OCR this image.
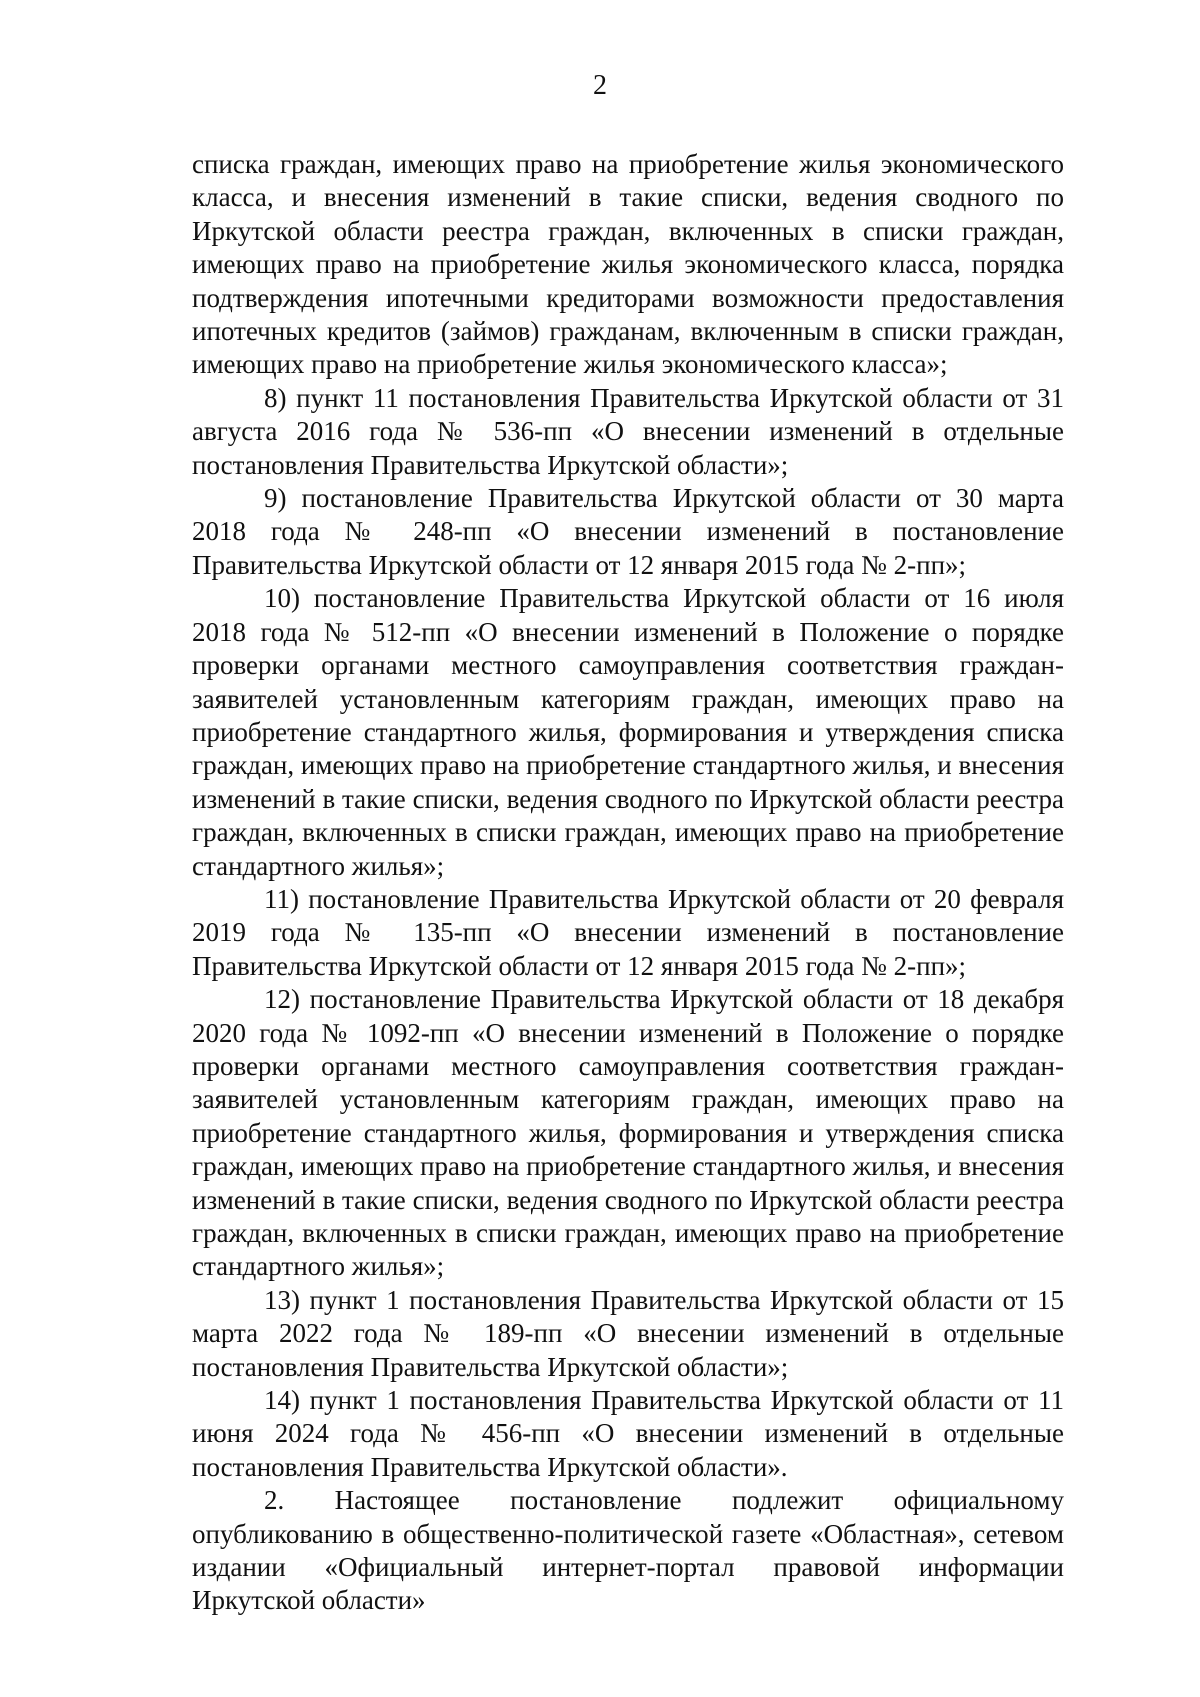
2

списка граждан, имеющих право на приобретение жилья экономического класса, и внесения изменений в такие списки, ведения сводного по Иркутской области реестра граждан, включенных в списки граждан, имеющих право на приобретение жилья экономического класса, порядка подтверждения ипотечными кредиторами возможности предоставления ипотечных кредитов (займов) гражданам, включенным в списки граждан, имеющих право на приобретение жилья экономического класса»;

8) пункт 11 постановления Правительства Иркутской области от 31 августа 2016 года № 536-пп «О внесении изменений в отдельные постановления Правительства Иркутской области»;

9) постановление Правительства Иркутской области от 30 марта 2018 года № 248-пп «О внесении изменений в постановление Правительства Иркутской области от 12 января 2015 года № 2-пп»;

10) постановление Правительства Иркутской области от 16 июля 2018 года № 512-пп «О внесении изменений в Положение о порядке проверки органами местного самоуправления соответствия граждан-заявителей установленным категориям граждан, имеющих право на приобретение стандартного жилья, формирования и утверждения списка граждан, имеющих право на приобретение стандартного жилья, и внесения изменений в такие списки, ведения сводного по Иркутской области реестра граждан, включенных в списки граждан, имеющих право на приобретение стандартного жилья»;

11) постановление Правительства Иркутской области от 20 февраля 2019 года № 135-пп «О внесении изменений в постановление Правительства Иркутской области от 12 января 2015 года № 2-пп»;

12) постановление Правительства Иркутской области от 18 декабря 2020 года № 1092-пп «О внесении изменений в Положение о порядке проверки органами местного самоуправления соответствия граждан-заявителей установленным категориям граждан, имеющих право на приобретение стандартного жилья, формирования и утверждения списка граждан, имеющих право на приобретение стандартного жилья, и внесения изменений в такие списки, ведения сводного по Иркутской области реестра граждан, включенных в списки граждан, имеющих право на приобретение стандартного жилья»;

13) пункт 1 постановления Правительства Иркутской области от 15 марта 2022 года № 189-пп «О внесении изменений в отдельные постановления Правительства Иркутской области»;

14) пункт 1 постановления Правительства Иркутской области от 11 июня 2024 года № 456-пп «О внесении изменений в отдельные постановления Правительства Иркутской области».

2. Настоящее постановление подлежит официальному опубликованию в общественно-политической газете «Областная», сетевом издании «Официальный интернет-портал правовой информации Иркутской области»
